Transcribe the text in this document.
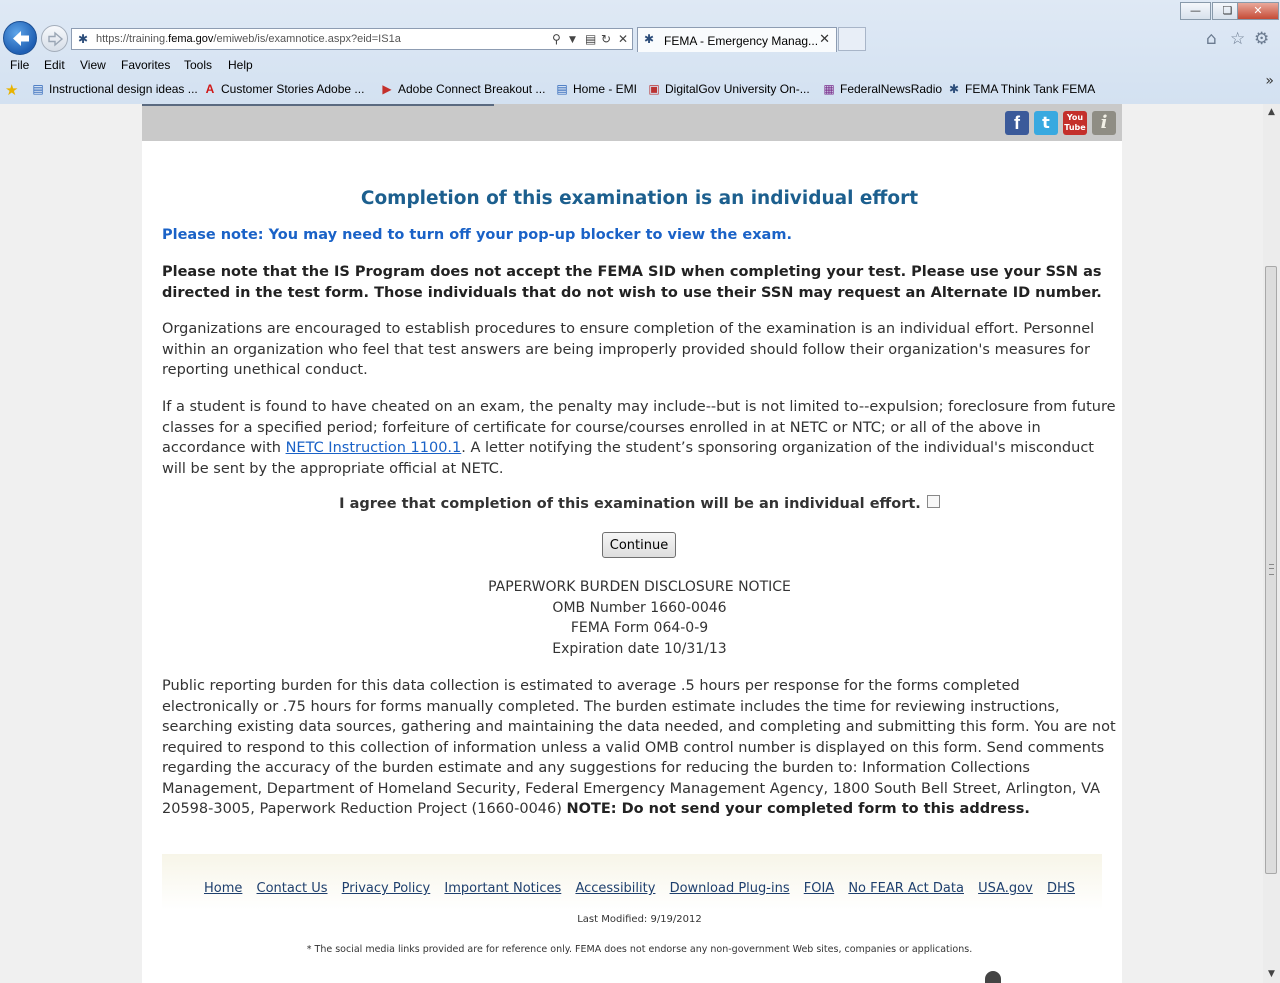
—	❏	✕
✱ https://training.fema.gov/emiweb/is/examnotice.aspx?eid=IS1a	⚲ ▼ ▤ ↻ ✕ ✱ FEMA - Emergency Manag... ✕	⌂ ☆ ⚙
File Edit View Favorites Tools Help
★ ▤ Instructional design ideas ... A Customer Stories Adobe ... ▶ Adobe Connect Breakout ... ▤ Home - EMI ▣ DigitalGov University On-... ▦ FederalNewsRadio ✱ FEMA Think Tank FEMA	»
▲
▼
f	t	You
Tube i
Completion of this examination is an individual effort
Please note: You may need to turn off your pop-up blocker to view the exam.
Please note that the IS Program does not accept the FEMA SID when completing your test. Please use your SSN as directed in the test form. Those individuals that do not wish to use their SSN may request an Alternate ID number.
Organizations are encouraged to establish procedures to ensure completion of the examination is an individual effort. Personnel within an organization who feel that test answers are being improperly provided should follow their organization's measures for reporting unethical conduct.
If a student is found to have cheated on an exam, the penalty may include--but is not limited to--expulsion; foreclosure from future classes for a specified period; forfeiture of certificate for course/courses enrolled in at NETC or NTC; or all of the above in accordance with NETC Instruction 1100.1. A letter notifying the student’s sponsoring organization of the individual's misconduct will be sent by the appropriate official at NETC.
I agree that completion of this examination will be an individual effort.
Continue
PAPERWORK BURDEN DISCLOSURE NOTICE
OMB Number 1660-0046
FEMA Form 064-0-9
Expiration date 10/31/13
Public reporting burden for this data collection is estimated to average .5 hours per response for the forms completed electronically or .75 hours for forms manually completed. The burden estimate includes the time for reviewing instructions, searching existing data sources, gathering and maintaining the data needed, and completing and submitting this form. You are not required to respond to this collection of information unless a valid OMB control number is displayed on this form. Send comments regarding the accuracy of the burden estimate and any suggestions for reducing the burden to: Information Collections Management, Department of Homeland Security, Federal Emergency Management Agency, 1800 South Bell Street, Arlington, VA 20598-3005, Paperwork Reduction Project (1660-0046) NOTE: Do not send your completed form to this address.
Home Contact Us Privacy Policy Important Notices Accessibility Download Plug-ins FOIA No FEAR Act Data USA.gov DHS
Last Modified: 9/19/2012
* The social media links provided are for reference only. FEMA does not endorse any non-government Web sites, companies or applications.
